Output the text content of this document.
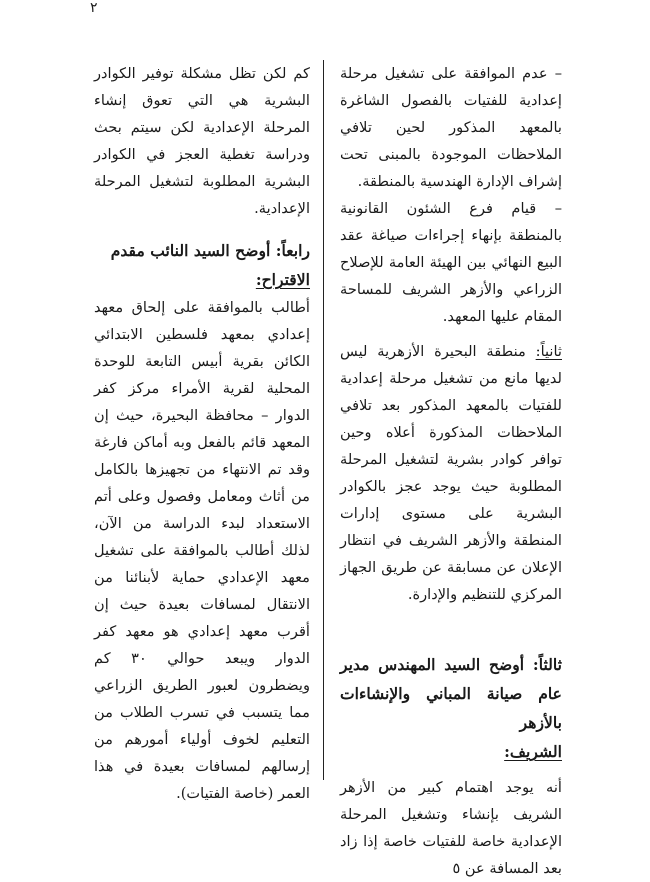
٢

– عدم الموافقة على تشغيل مرحلة إعدادية للفتيات بالفصول الشاغرة بالمعهد المذكور لحين تلافي الملاحظات الموجودة بالمبنى تحت إشراف الإدارة الهندسية بالمنطقة.

– قيام فرع الشئون القانونية بالمنطقة بإنهاء إجراءات صياغة عقد البيع النهائي بين الهيئة العامة للإصلاح الزراعي والأزهر الشريف للمساحة المقام عليها المعهد.

ثانياً: منطقة البحيرة الأزهرية ليس لديها مانع من تشغيل مرحلة إعدادية للفتيات بالمعهد المذكور بعد تلافي الملاحظات المذكورة أعلاه وحين توافر كوادر بشرية لتشغيل المرحلة المطلوبة حيث يوجد عجز بالكوادر البشرية على مستوى إدارات المنطقة والأزهر الشريف في انتظار الإعلان عن مسابقة عن طريق الجهاز المركزي للتنظيم والإدارة.

ثالثاً: أوضح السيد المهندس مدير عام صيانة المباني والإنشاءات بالأزهر
الشريف:

أنه يوجد اهتمام كبير من الأزهر الشريف بإنشاء وتشغيل المرحلة الإعدادية خاصة للفتيات خاصة إذا زاد بعد المسافة عن ٥

كم لكن تظل مشكلة توفير الكوادر البشرية هي التي تعوق إنشاء المرحلة الإعدادية لكن سيتم بحث ودراسة تغطية العجز في الكوادر البشرية المطلوبة لتشغيل المرحلة الإعدادية.

رابعاً: أوضح السيد النائب مقدم
الاقتراح:

أطالب بالموافقة على إلحاق معهد إعدادي بمعهد فلسطين الابتدائي الكائن بقرية أبيس التابعة للوحدة المحلية لقرية الأمراء مركز كفر الدوار – محافظة البحيرة، حيث إن المعهد قائم بالفعل وبه أماكن فارغة وقد تم الانتهاء من تجهيزها بالكامل من أثاث ومعامل وفصول وعلى أتم الاستعداد لبدء الدراسة من الآن، لذلك أطالب بالموافقة على تشغيل معهد الإعدادي حماية لأبنائنا من الانتقال لمسافات بعيدة حيث إن أقرب معهد إعدادي هو معهد كفر الدوار ويبعد حوالي ٣٠ كم ويضطرون لعبور الطريق الزراعي مما يتسبب في تسرب الطلاب من التعليم لخوف أولياء أمورهم من إرسالهم لمسافات بعيدة في هذا العمر (خاصة الفتيات).
